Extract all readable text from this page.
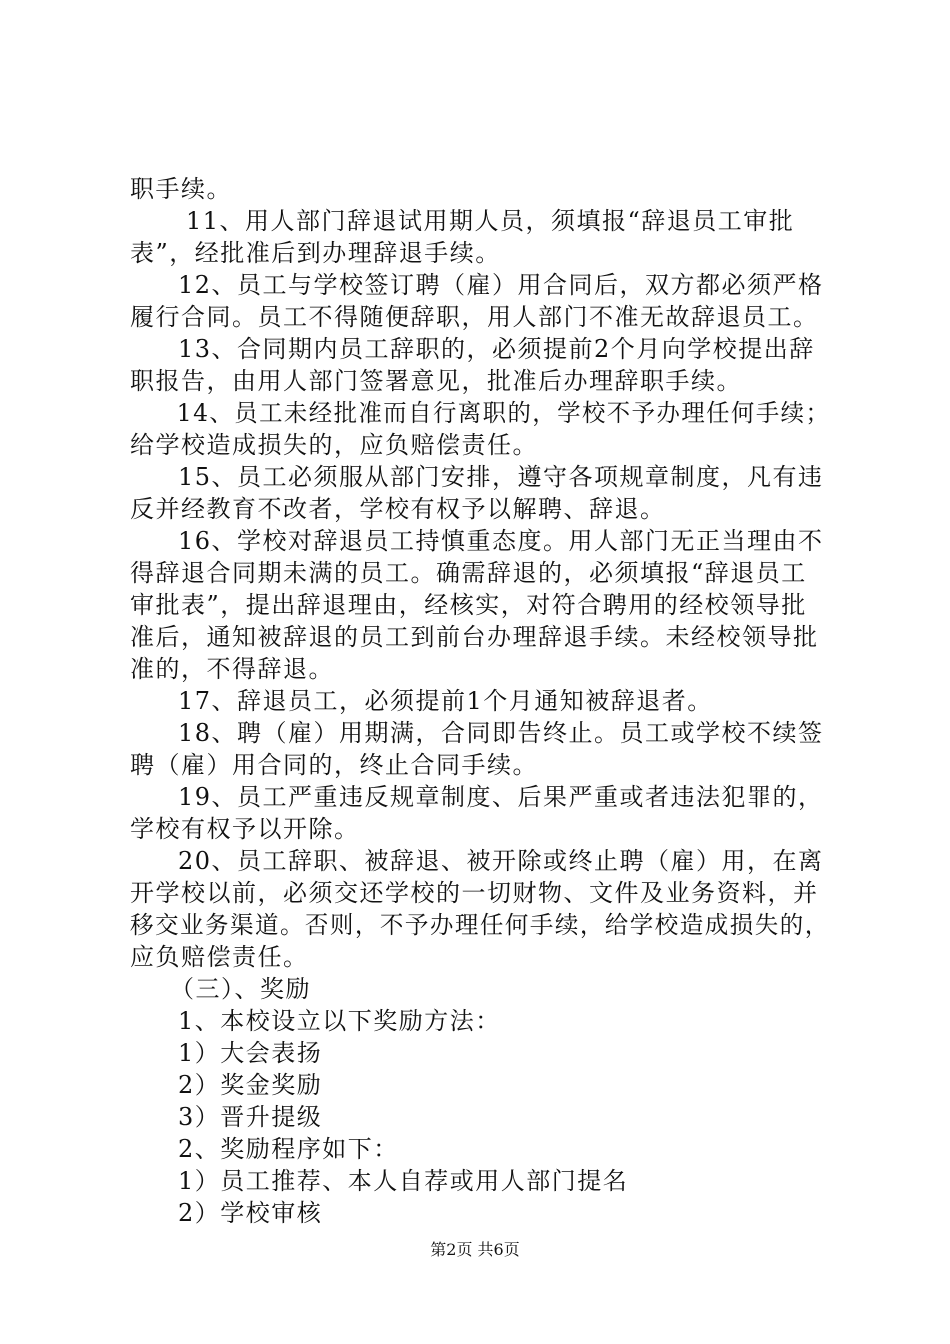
职手续。
11、用人部门辞退试用期人员，须填报“辞退员工审批
表”，经批准后到办理辞退手续。
12、员工与学校签订聘（雇）用合同后，双方都必须严格
履行合同。员工不得随便辞职，用人部门不准无故辞退员工。
13、合同期内员工辞职的，必须提前2个月向学校提出辞
职报告，由用人部门签署意见，批准后办理辞职手续。
14、员工未经批准而自行离职的，学校不予办理任何手续；
给学校造成损失的，应负赔偿责任。
15、员工必须服从部门安排，遵守各项规章制度，凡有违
反并经教育不改者，学校有权予以解聘、辞退。
16、学校对辞退员工持慎重态度。用人部门无正当理由不
得辞退合同期未满的员工。确需辞退的，必须填报“辞退员工
审批表”，提出辞退理由，经核实，对符合聘用的经校领导批
准后，通知被辞退的员工到前台办理辞退手续。未经校领导批
准的，不得辞退。
17、辞退员工，必须提前1个月通知被辞退者。
18、聘（雇）用期满，合同即告终止。员工或学校不续签
聘（雇）用合同的，终止合同手续。
19、员工严重违反规章制度、后果严重或者违法犯罪的，
学校有权予以开除。
20、员工辞职、被辞退、被开除或终止聘（雇）用，在离
开学校以前，必须交还学校的一切财物、文件及业务资料，并
移交业务渠道。否则，不予办理任何手续，给学校造成损失的，
应负赔偿责任。
（三）、奖励
1、本校设立以下奖励方法：
1）大会表扬
2）奖金奖励
3）晋升提级
2、奖励程序如下：
1）员工推荐、本人自荐或用人部门提名
2）学校审核
第2页 共6页
